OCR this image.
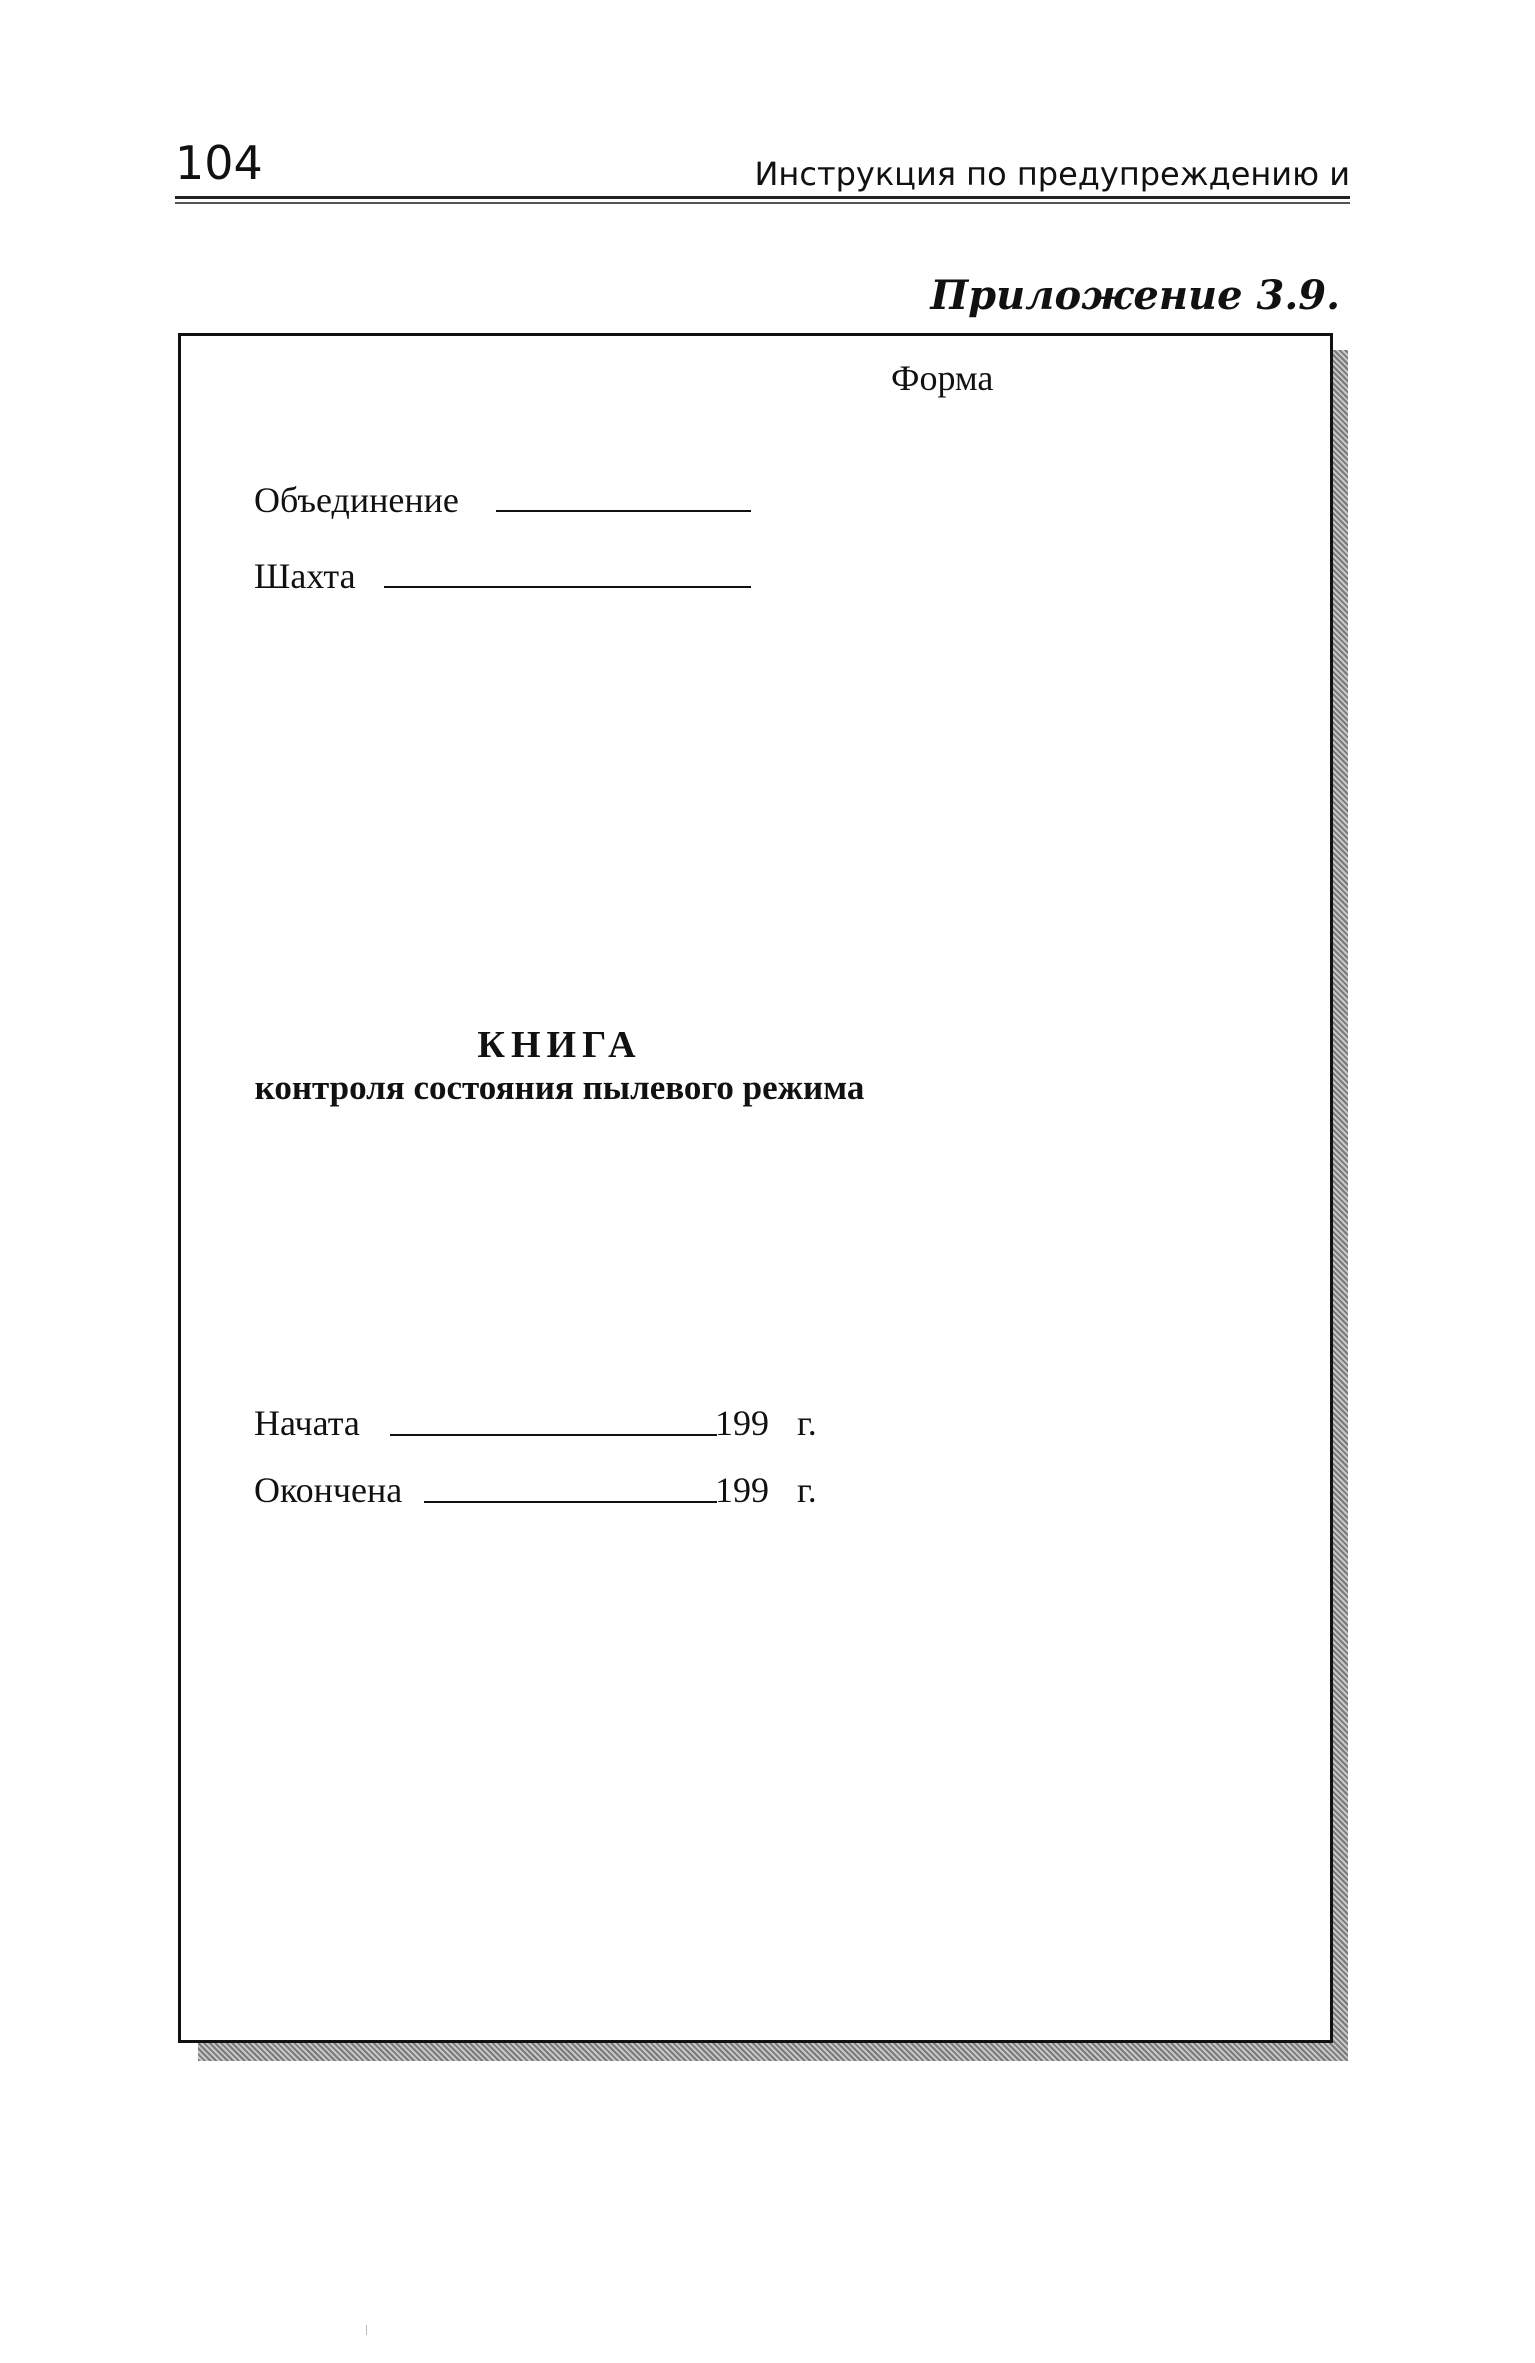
104	Инструкция по предупреждению и
Приложение 3.9.
Форма
Объединение
Шахта
КНИГА
контроля состояния пылевого режима
Начата	199 г.
Окончена	199 г.
